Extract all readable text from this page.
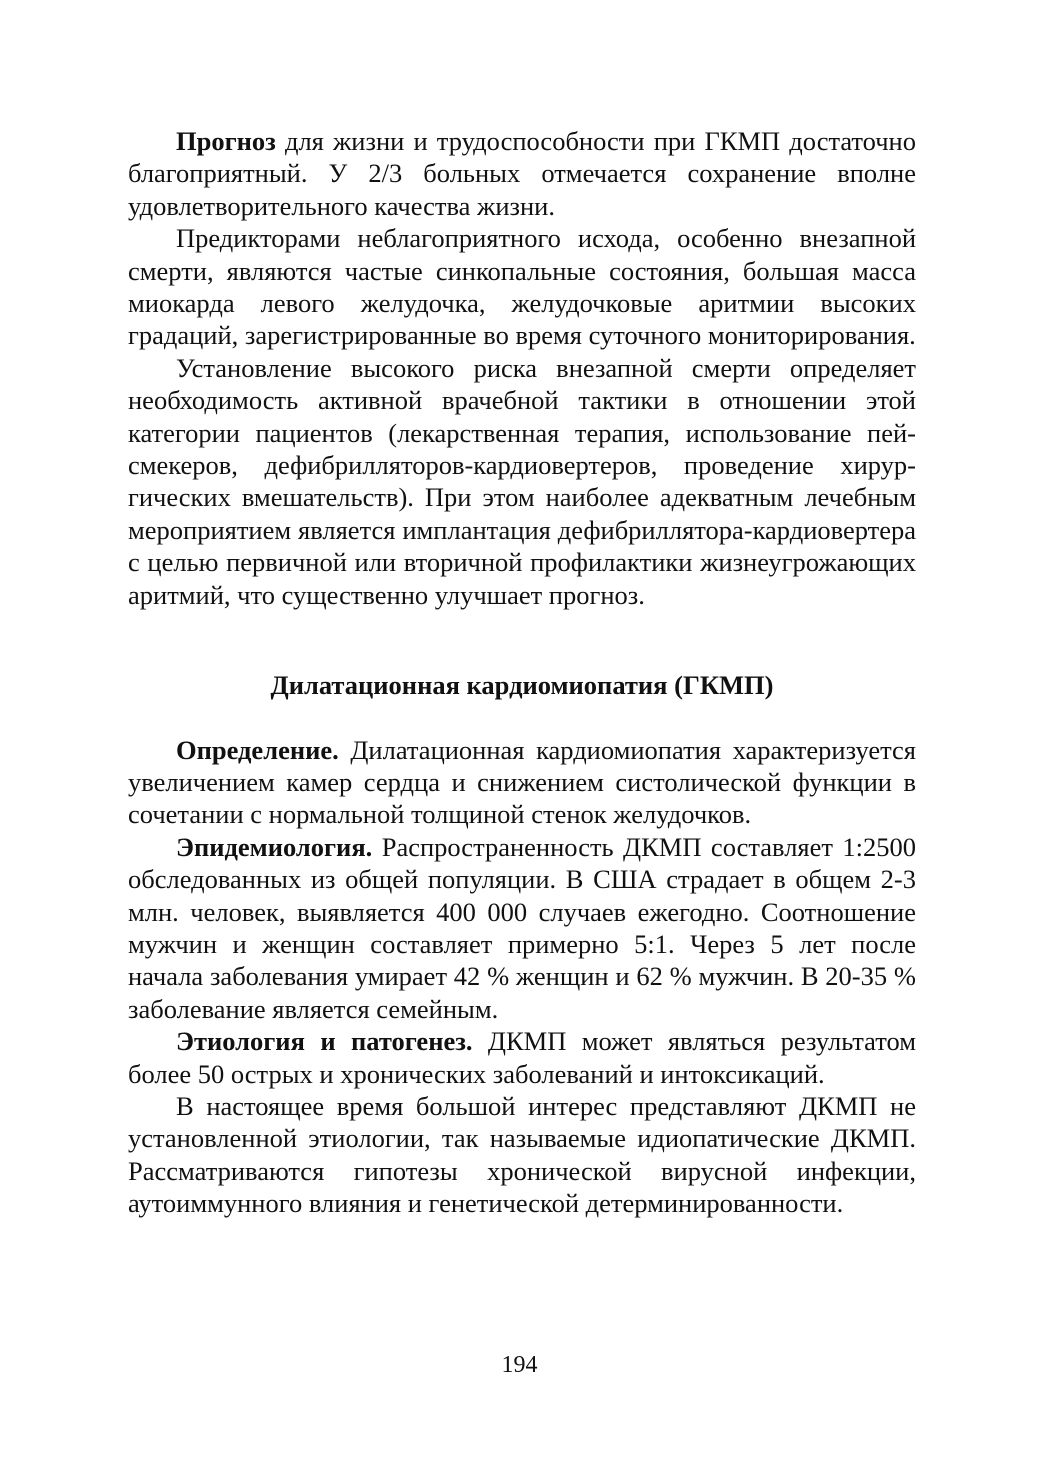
Прогноз для жизни и трудоспособности при ГКМП достаточно благоприятный. У 2/3 больных отмечается сохранение вполне удовлетворительного качества жизни.

Предикторами неблагоприятного исхода, особенно внезапной смерти, являются частые синкопальные состояния, большая масса миокарда левого желудочка, желудочковые аритмии высоких градаций, зарегистрированные во время суточного мониторирования.

Установление высокого риска внезапной смерти определяет необходимость активной врачебной тактики в отношении этой категории пациентов (лекарственная терапия, использование пейсмекеров, дефибрилляторов-кардиовертеров, проведение хирургических вмешательств). При этом наиболее адекватным лечебным мероприятием является имплантация дефибриллятора-кардиовертера с целью первичной или вторичной профилактики жизнеугрожающих аритмий, что существенно улучшает прогноз.

Дилатационная кардиомиопатия (ГКМП)

Определение. Дилатационная кардиомиопатия характеризуется увеличением камер сердца и снижением систолической функции в сочетании с нормальной толщиной стенок желудочков.

Эпидемиология. Распространенность ДКМП составляет 1:2500 обследованных из общей популяции. В США страдает в общем 2-3 млн. человек, выявляется 400 000 случаев ежегодно. Соотношение мужчин и женщин составляет примерно 5:1. Через 5 лет после начала заболевания умирает 42 % женщин и 62 % мужчин. В 20-35 % заболевание является семейным.

Этиология и патогенез. ДКМП может являться результатом более 50 острых и хронических заболеваний и интоксикаций.

В настоящее время большой интерес представляют ДКМП не установленной этиологии, так называемые идиопатические ДКМП. Рассматриваются гипотезы хронической вирусной инфекции, аутоиммунного влияния и генетической детерминированности.

194
